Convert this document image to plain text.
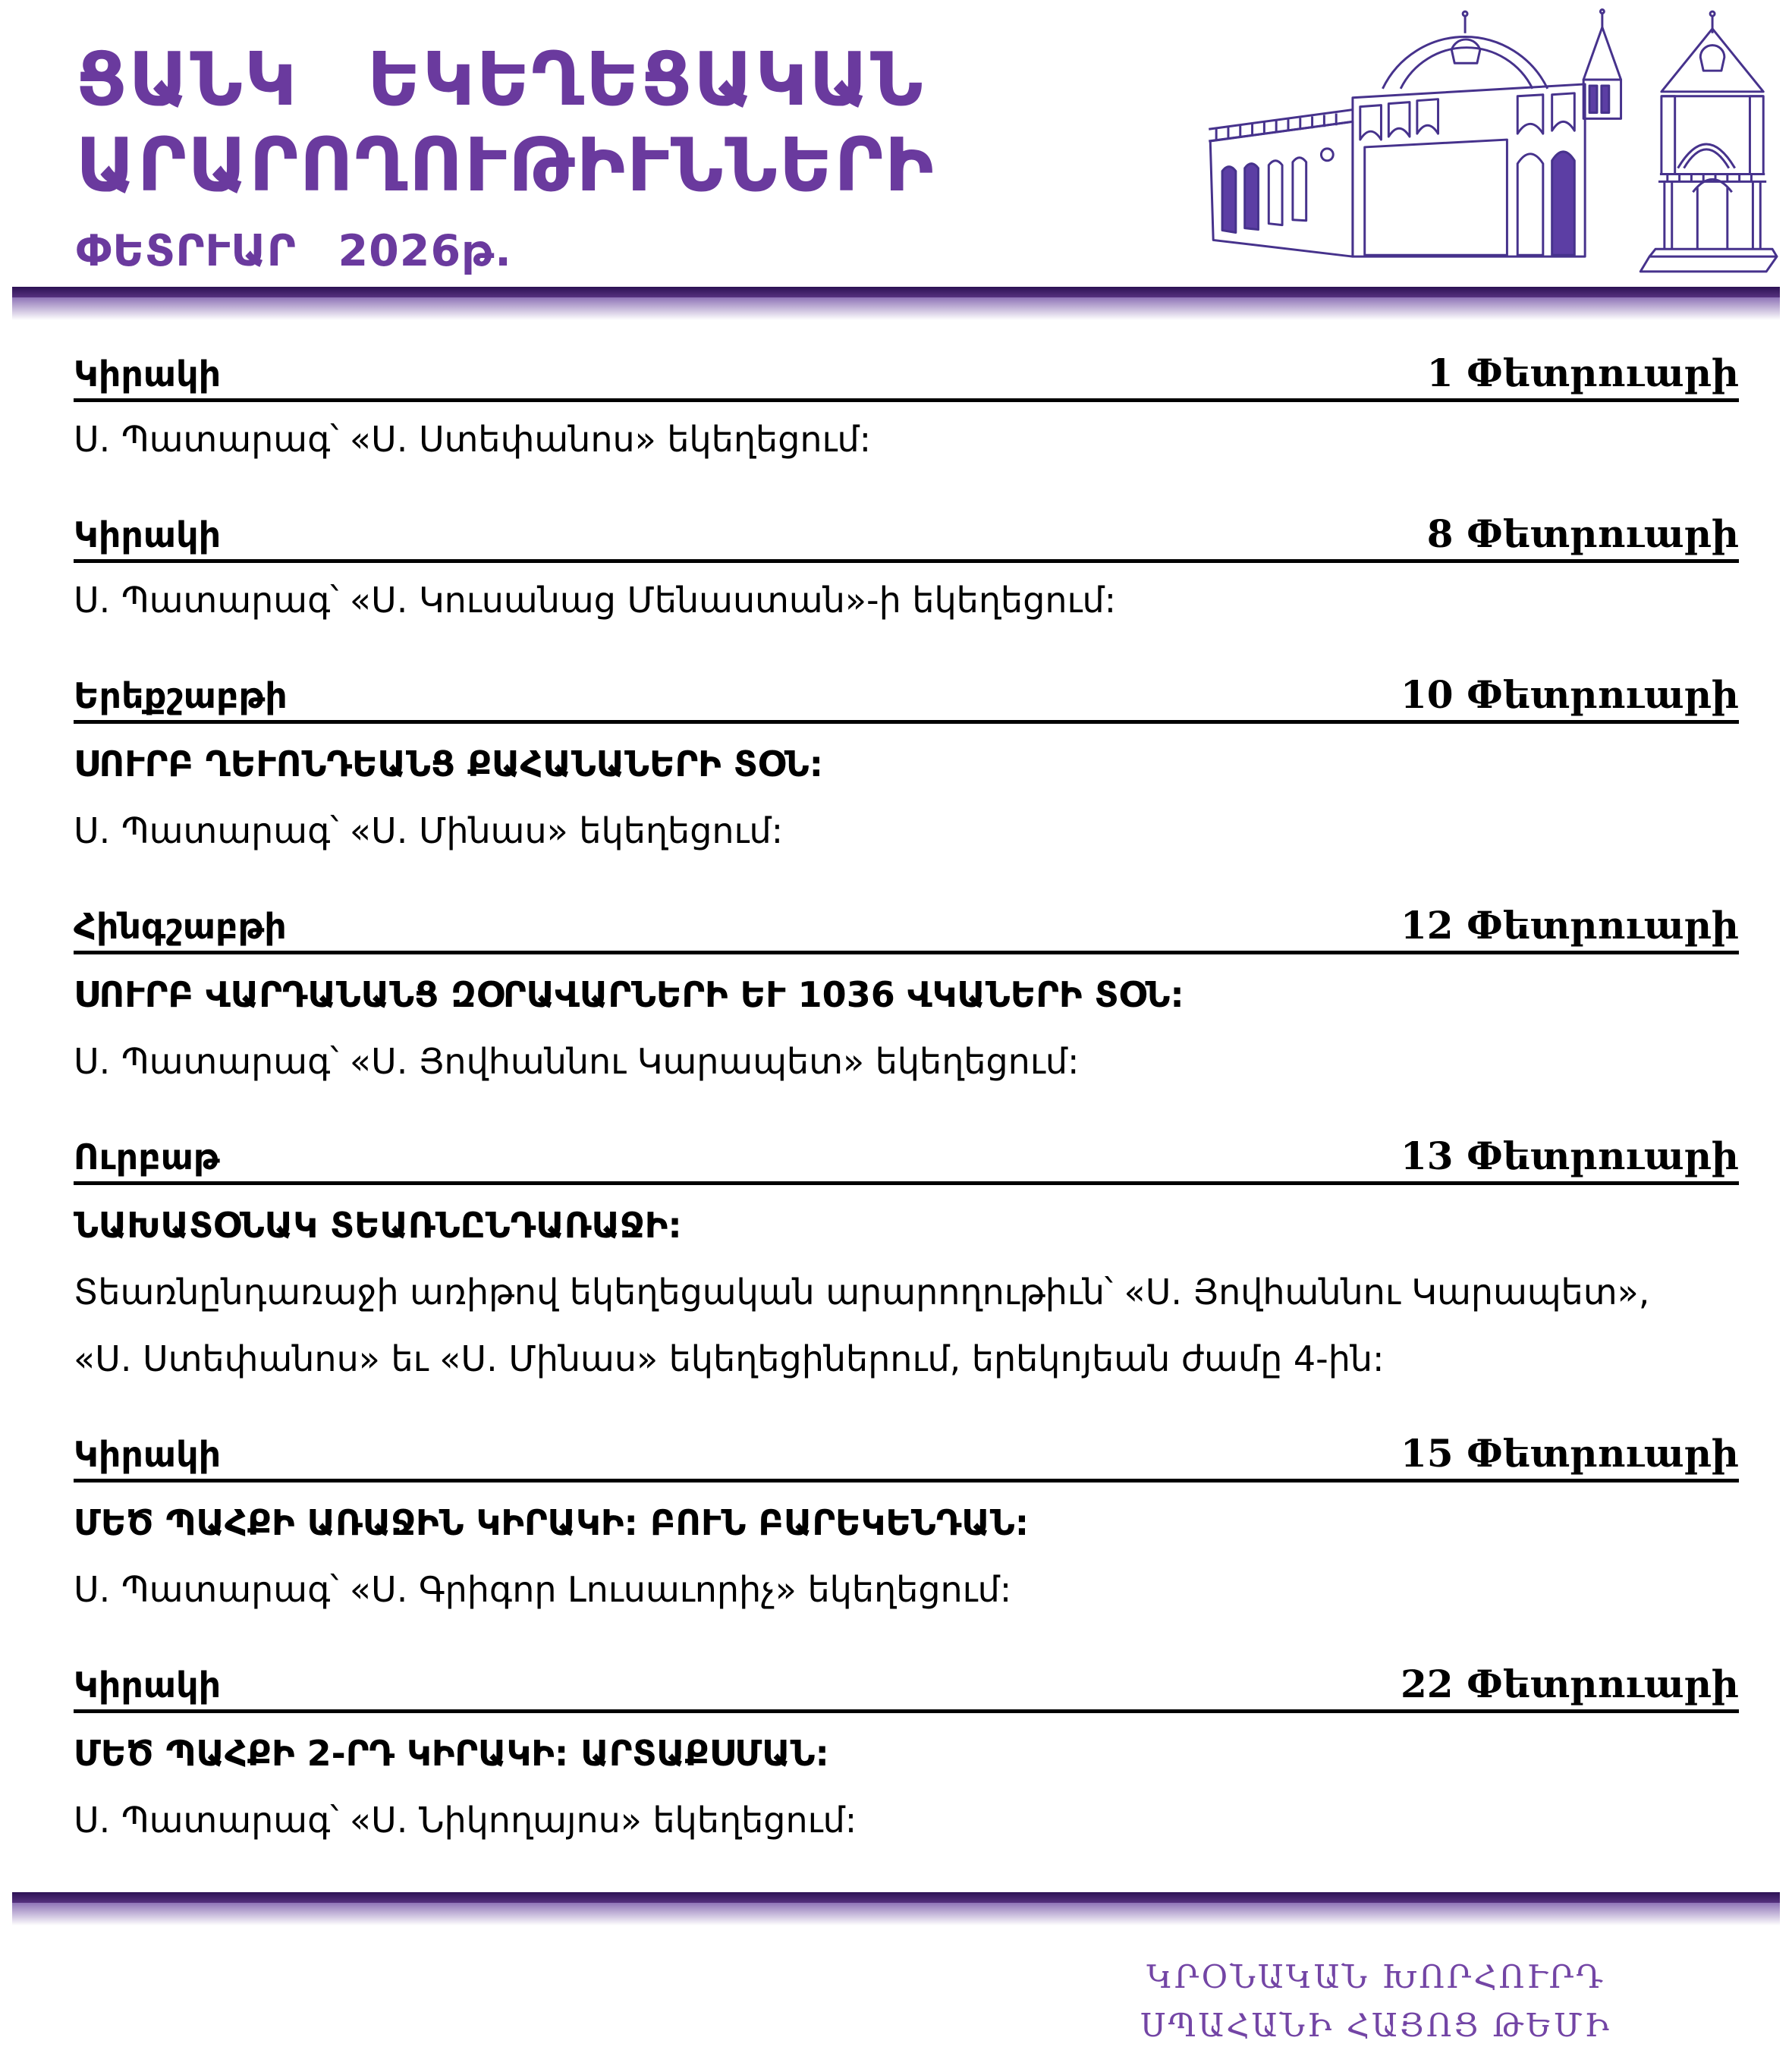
ՑԱՆԿ ԵԿԵՂԵՑԱԿԱՆ
ԱՐԱՐՈՂՈՒԹԻՒՆՆԵՐԻ
ՓԵՏՐՒԱՐ 2026թ.
Կիրակի	1 Փետրուարի
Ս. Պատարագ՝ «Ս. Ստեփանոս» եկեղեցում:
Կիրակի	8 Փետրուարի
Ս. Պատարագ՝ «Ս. Կուսանաց Մենաստան»-ի եկեղեցում:
Երեքշաբթի	10 Փետրուարի
ՍՈՒՐԲ ՂԵՒՈՆԴԵԱՆՑ ՔԱՀԱՆԱՆԵՐԻ ՏՕՆ:
Ս. Պատարագ՝ «Ս. Մինաս» եկեղեցում:
Հինգշաբթի	12 Փետրուարի
ՍՈՒՐԲ ՎԱՐԴԱՆԱՆՑ ԶՕՐԱՎԱՐՆԵՐԻ ԵՒ 1036 ՎԿԱՆԵՐԻ ՏՕՆ:
Ս. Պատարագ՝ «Ս. Յովհաննու Կարապետ» եկեղեցում:
Ուրբաթ	13 Փետրուարի
ՆԱԽԱՏՕՆԱԿ ՏԵԱՌՆԸՆԴԱՌԱՋԻ:
Տեառնընդառաջի առիթով եկեղեցական արարողութիւն՝ «Ս. Յովհաննու Կարապետ»,
«Ս. Ստեփանոս» եւ «Ս. Մինաս» եկեղեցիներում, երեկոյեան ժամը 4-ին:
Կիրակի	15 Փետրուարի
ՄԵԾ ՊԱՀՔԻ ԱՌԱՋԻՆ ԿԻՐԱԿԻ: ԲՈՒՆ ԲԱՐԵԿԵՆԴԱՆ:
Ս. Պատարագ՝ «Ս. Գրիգոր Լուսաւորիչ» եկեղեցում:
Կիրակի	22 Փետրուարի
ՄԵԾ ՊԱՀՔԻ 2-ՐԴ ԿԻՐԱԿԻ: ԱՐՏԱՔՍՄԱՆ:
Ս. Պատարագ՝ «Ս. Նիկողայոս» եկեղեցում:
ԿՐՕՆԱԿԱՆ ԽՈՐՀՈՒՐԴ
ՍՊԱՀԱՆԻ ՀԱՅՈՑ ԹԵՄԻ
